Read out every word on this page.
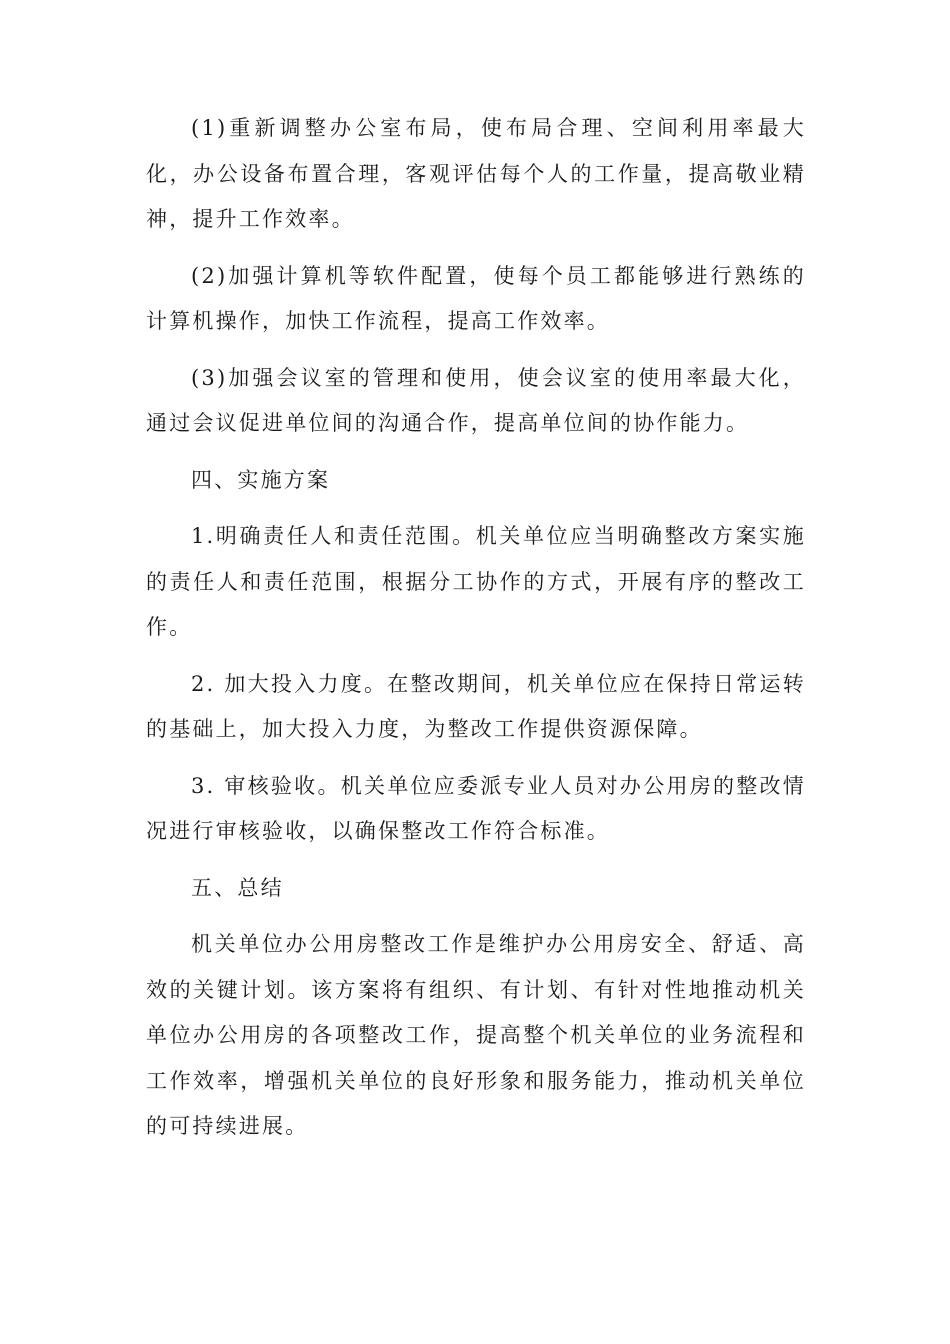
(1)重新调整办公室布局，使布局合理、空间利用率最大化，办公设备布置合理，客观评估每个人的工作量，提高敬业精神，提升工作效率。

(2)加强计算机等软件配置，使每个员工都能够进行熟练的计算机操作，加快工作流程，提高工作效率。

(3)加强会议室的管理和使用，使会议室的使用率最大化，通过会议促进单位间的沟通合作，提高单位间的协作能力。

四、实施方案

1.明确责任人和责任范围。机关单位应当明确整改方案实施的责任人和责任范围，根据分工协作的方式，开展有序的整改工作。

2. 加大投入力度。在整改期间，机关单位应在保持日常运转的基础上，加大投入力度，为整改工作提供资源保障。

3. 审核验收。机关单位应委派专业人员对办公用房的整改情况进行审核验收，以确保整改工作符合标准。

五、总结

机关单位办公用房整改工作是维护办公用房安全、舒适、高效的关键计划。该方案将有组织、有计划、有针对性地推动机关单位办公用房的各项整改工作，提高整个机关单位的业务流程和工作效率，增强机关单位的良好形象和服务能力，推动机关单位的可持续进展。
